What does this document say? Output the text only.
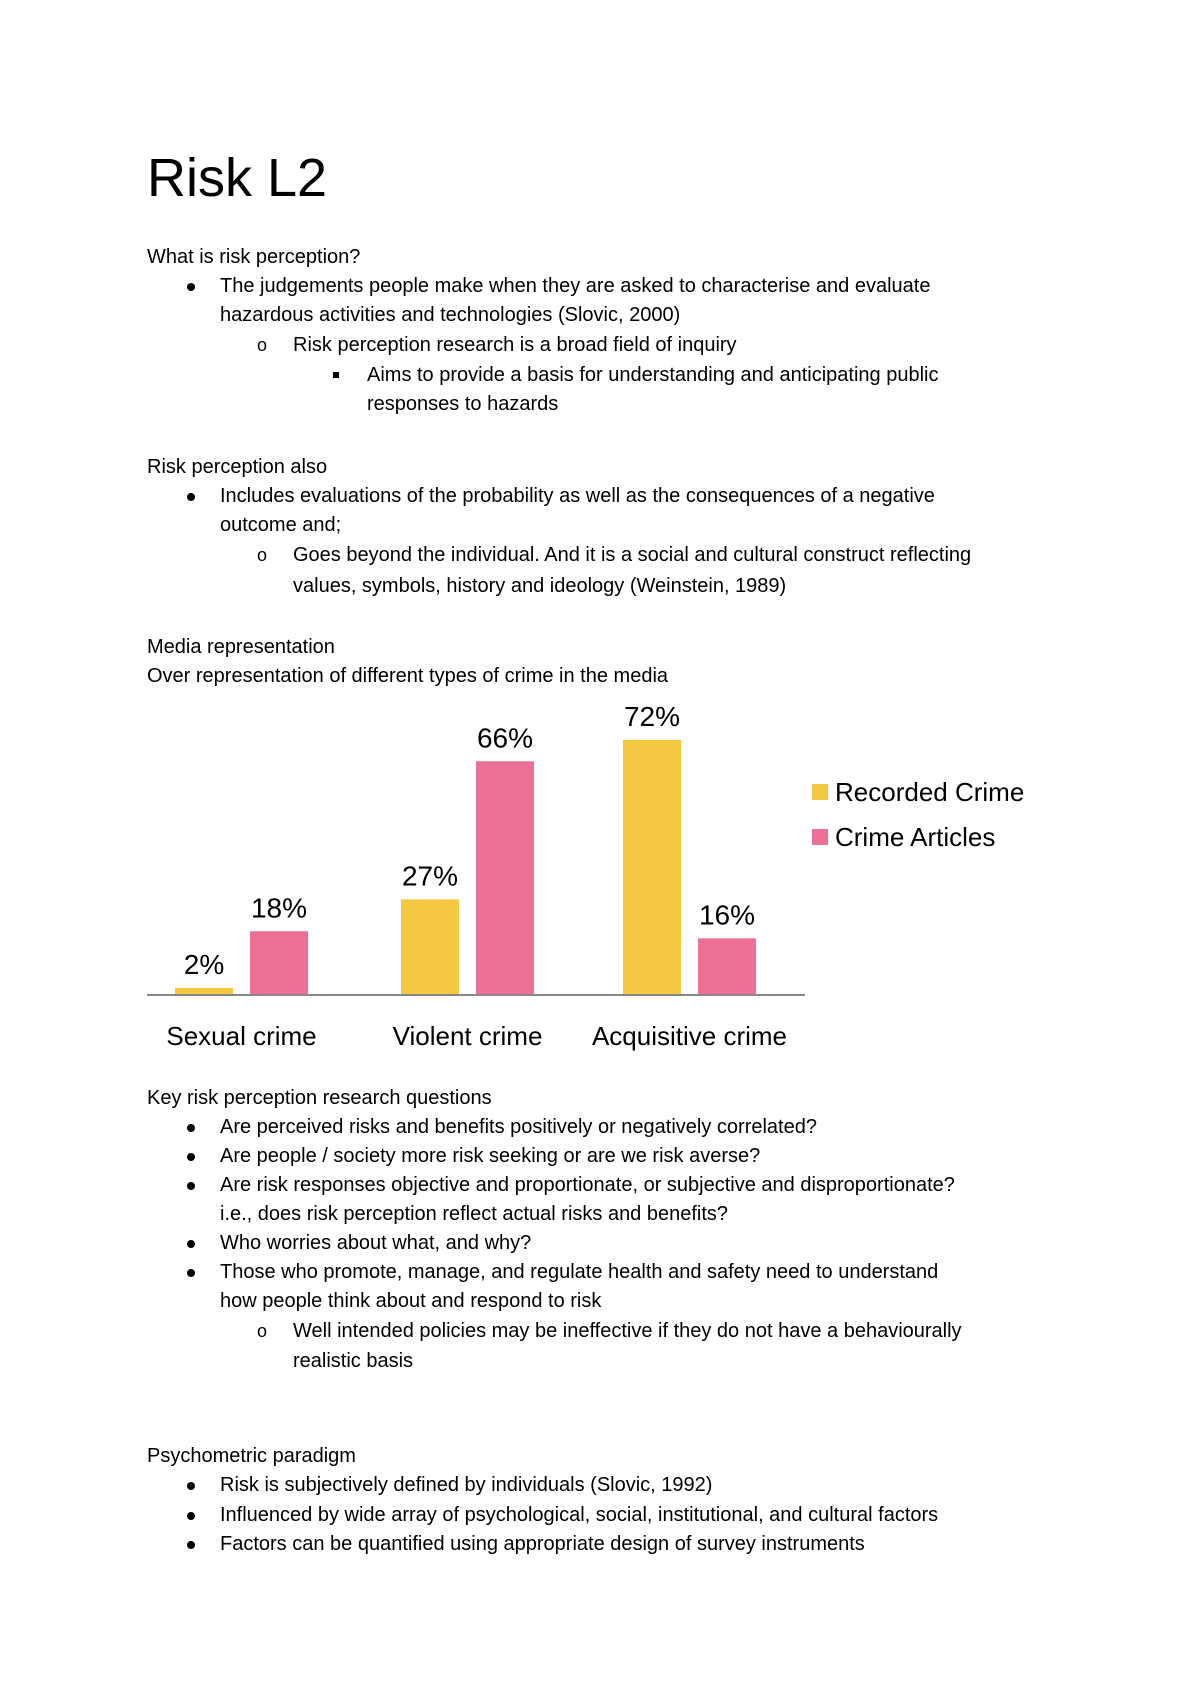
Risk L2
What is risk perception?
The judgements people make when they are asked to characterise and evaluate
hazardous activities and technologies (Slovic, 2000)
o Risk perception research is a broad field of inquiry
Aims to provide a basis for understanding and anticipating public
responses to hazards
Risk perception also
Includes evaluations of the probability as well as the consequences of a negative
outcome and;
o Goes beyond the individual. And it is a social and cultural construct reflecting
values, symbols, history and ideology (Weinstein, 1989)
Media representation
Over representation of different types of crime in the media
2%
18%
Sexual crime
27%
66%
Violent crime
72%
16%
Acquisitive crime
Recorded Crime
Crime Articles
Key risk perception research questions
Are perceived risks and benefits positively or negatively correlated?
Are people / society more risk seeking or are we risk averse?
Are risk responses objective and proportionate, or subjective and disproportionate?
i.e., does risk perception reflect actual risks and benefits?
Who worries about what, and why?
Those who promote, manage, and regulate health and safety need to understand
how people think about and respond to risk
o Well intended policies may be ineffective if they do not have a behaviourally
realistic basis
Psychometric paradigm
Risk is subjectively defined by individuals (Slovic, 1992)
Influenced by wide array of psychological, social, institutional, and cultural factors
Factors can be quantified using appropriate design of survey instruments
